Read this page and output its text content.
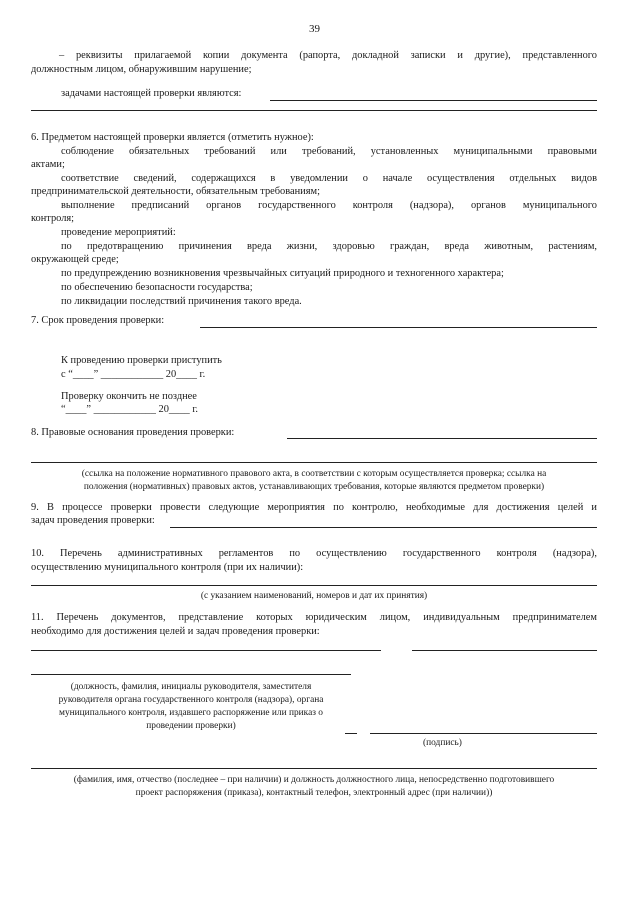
39
– реквизиты прилагаемой копии документа (рапорта, докладной записки и другие), представленного
должностным лицом, обнаружившим нарушение;
задачами настоящей проверки являются:
6. Предметом настоящей проверки является (отметить нужное):
соблюдение обязательных требований или требований, установленных муниципальными правовыми
актами;
соответствие сведений, содержащихся в уведомлении о начале осуществления отдельных видов
предпринимательской деятельности, обязательным требованиям;
выполнение предписаний органов государственного контроля (надзора), органов муниципального
контроля;
проведение мероприятий:
по предотвращению причинения вреда жизни, здоровью граждан, вреда животным, растениям,
окружающей среде;
по предупреждению возникновения чрезвычайных ситуаций природного и техногенного характера;
по обеспечению безопасности государства;
по ликвидации последствий причинения такого вреда.
7. Срок проведения проверки:
К проведению проверки приступить
с “____” ____________ 20____ г.
Проверку окончить не позднее
“____” ____________ 20____ г.
8. Правовые основания проведения проверки:
(ссылка на положение нормативного правового акта, в соответствии с которым осуществляется проверка; ссылка на
положения (нормативных) правовых актов, устанавливающих требования, которые являются предметом проверки)
9. В процессе проверки провести следующие мероприятия по контролю, необходимые для достижения целей и
задач проведения проверки:
10. Перечень административных регламентов по осуществлению государственного контроля (надзора),
осуществлению муниципального контроля (при их наличии):
(с указанием наименований, номеров и дат их принятия)
11. Перечень документов, представление которых юридическим лицом, индивидуальным предпринимателем
необходимо для достижения целей и задач проведения проверки:
(должность, фамилия, инициалы руководителя, заместителя
руководителя органа государственного контроля (надзора), органа
муниципального контроля, издавшего распоряжение или приказ о
проведении проверки)
(подпись)
(фамилия, имя, отчество (последнее – при наличии) и должность должностного лица, непосредственно подготовившего
проект распоряжения (приказа), контактный телефон, электронный адрес (при наличии))
